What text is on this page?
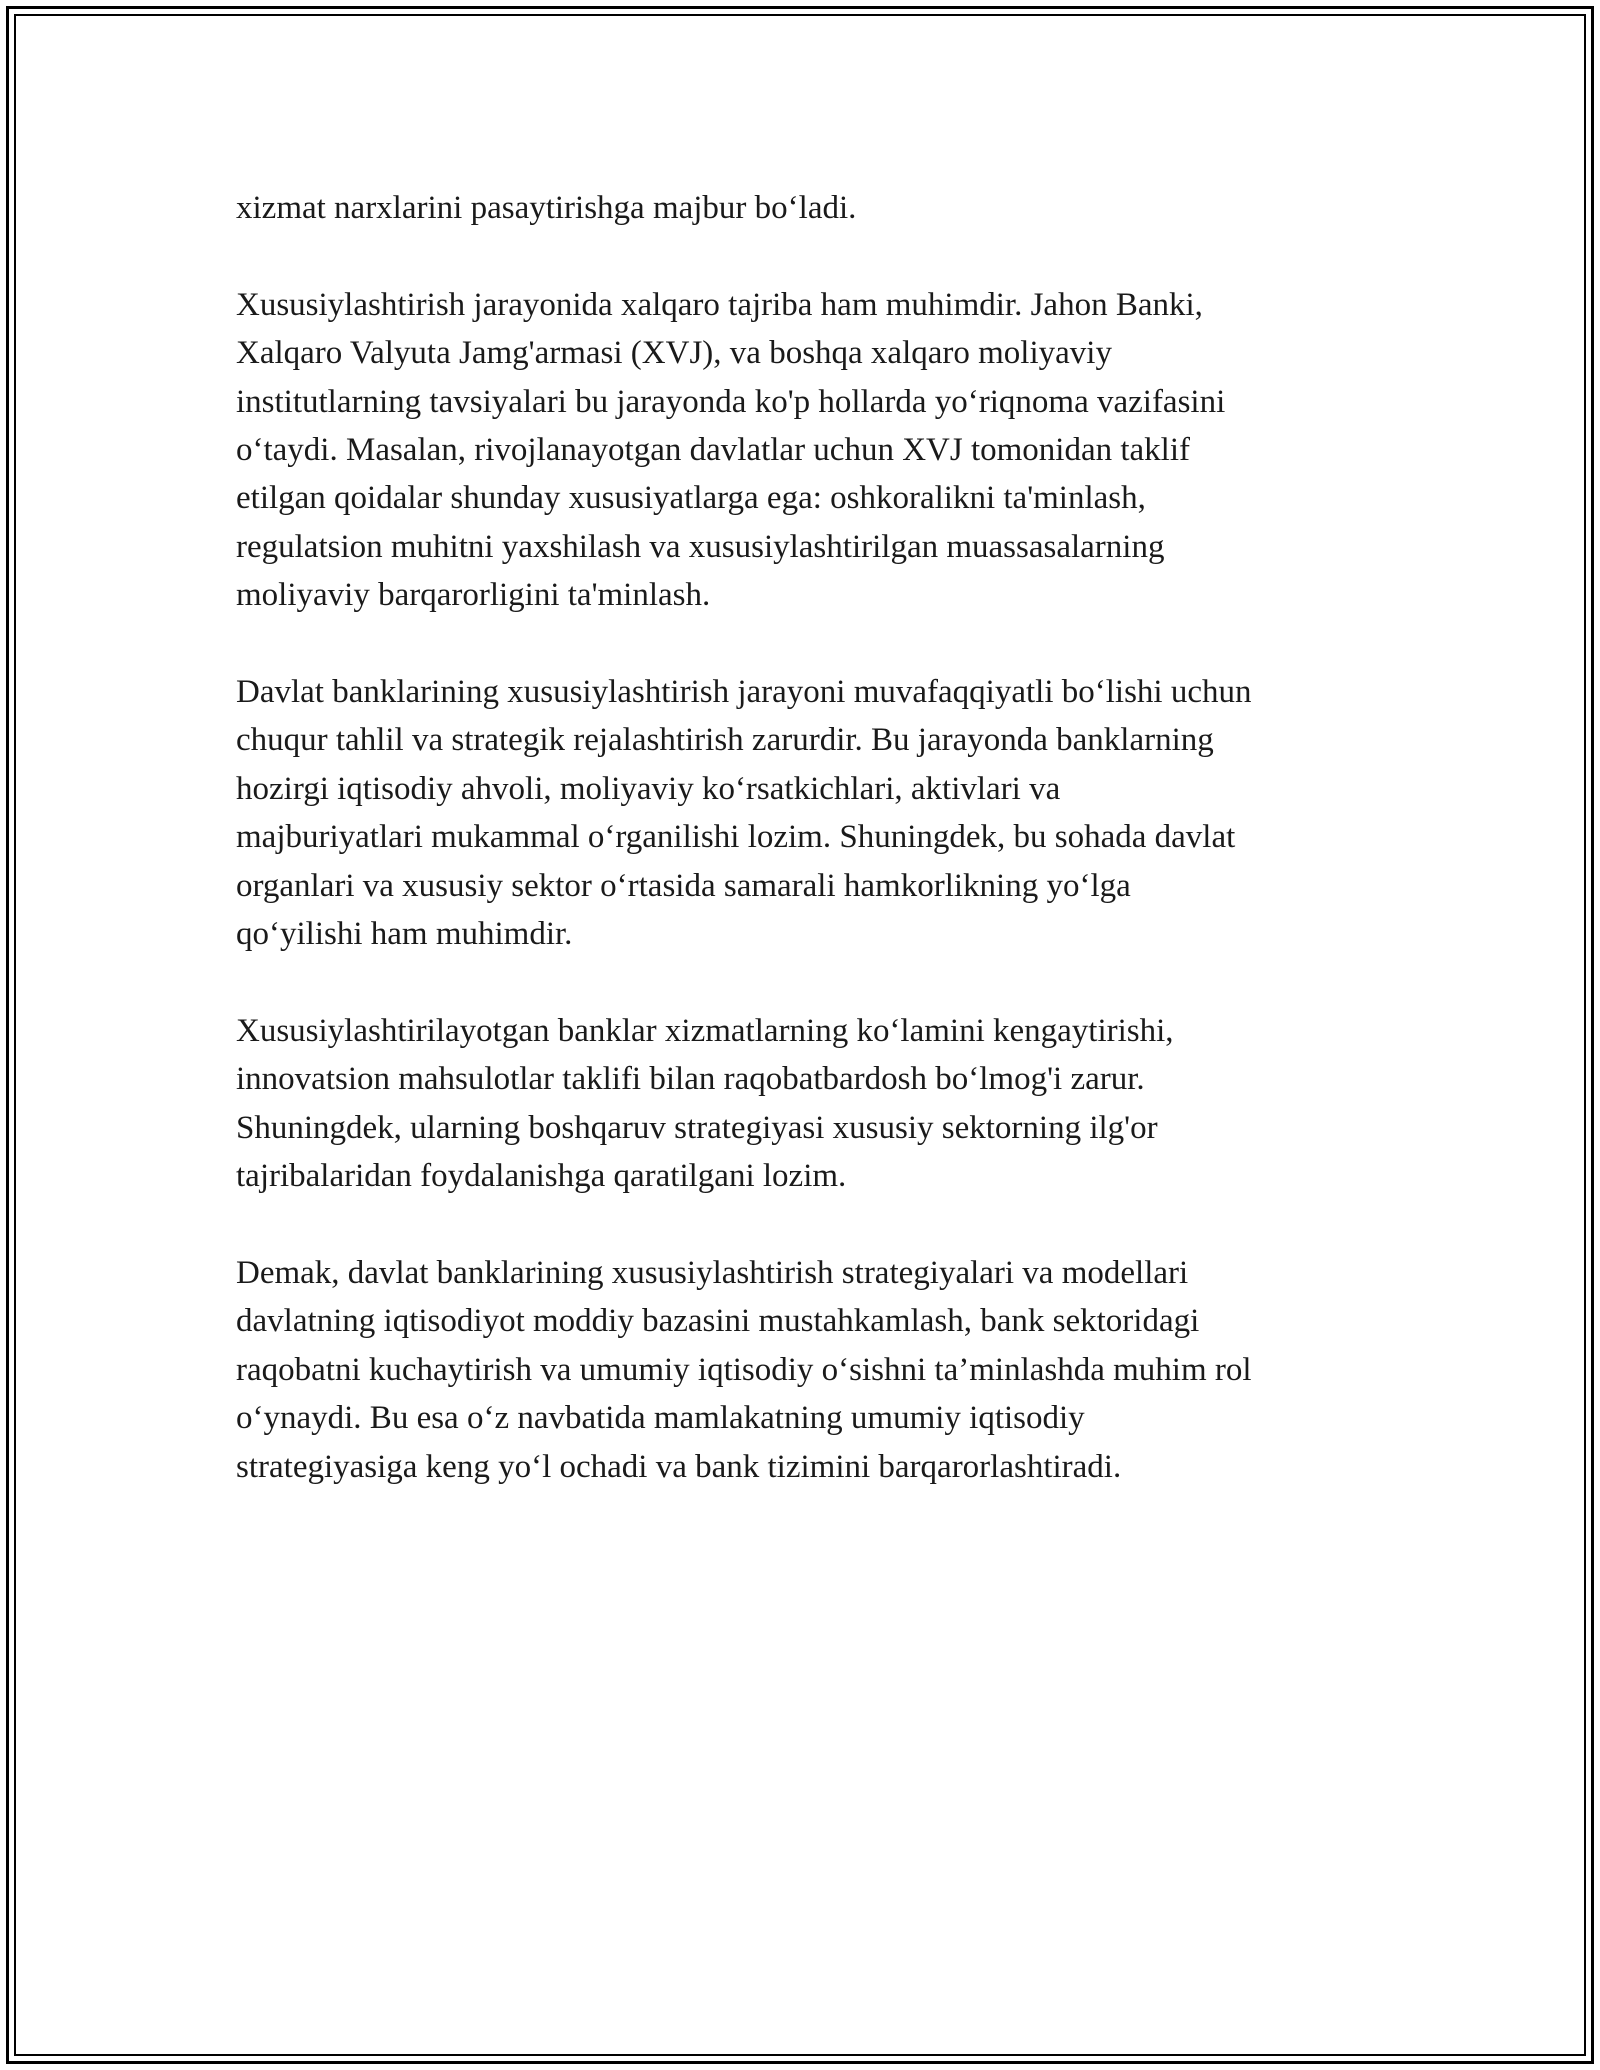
xizmat narxlarini pasaytirishga majbur bo‘ladi.

Xususiylashtirish jarayonida xalqaro tajriba ham muhimdir. Jahon Banki,
Xalqaro Valyuta Jamg'armasi (XVJ), va boshqa xalqaro moliyaviy
institutlarning tavsiyalari bu jarayonda ko'p hollarda yo‘riqnoma vazifasini
o‘taydi. Masalan, rivojlanayotgan davlatlar uchun XVJ tomonidan taklif
etilgan qoidalar shunday xususiyatlarga ega: oshkoralikni ta'minlash,
regulatsion muhitni yaxshilash va xususiylashtirilgan muassasalarning
moliyaviy barqarorligini ta'minlash.

Davlat banklarining xususiylashtirish jarayoni muvafaqqiyatli bo‘lishi uchun
chuqur tahlil va strategik rejalashtirish zarurdir. Bu jarayonda banklarning
hozirgi iqtisodiy ahvoli, moliyaviy ko‘rsatkichlari, aktivlari va
majburiyatlari mukammal o‘rganilishi lozim. Shuningdek, bu sohada davlat
organlari va xususiy sektor o‘rtasida samarali hamkorlikning yo‘lga
qo‘yilishi ham muhimdir.

Xususiylashtirilayotgan banklar xizmatlarning ko‘lamini kengaytirishi,
innovatsion mahsulotlar taklifi bilan raqobatbardosh bo‘lmog'i zarur.
Shuningdek, ularning boshqaruv strategiyasi xususiy sektorning ilg'or
tajribalaridan foydalanishga qaratilgani lozim.

Demak, davlat banklarining xususiylashtirish strategiyalari va modellari
davlatning iqtisodiyot moddiy bazasini mustahkamlash, bank sektoridagi
raqobatni kuchaytirish va umumiy iqtisodiy o‘sishni ta’minlashda muhim rol
o‘ynaydi. Bu esa o‘z navbatida mamlakatning umumiy iqtisodiy
strategiyasiga keng yo‘l ochadi va bank tizimini barqarorlashtiradi.
